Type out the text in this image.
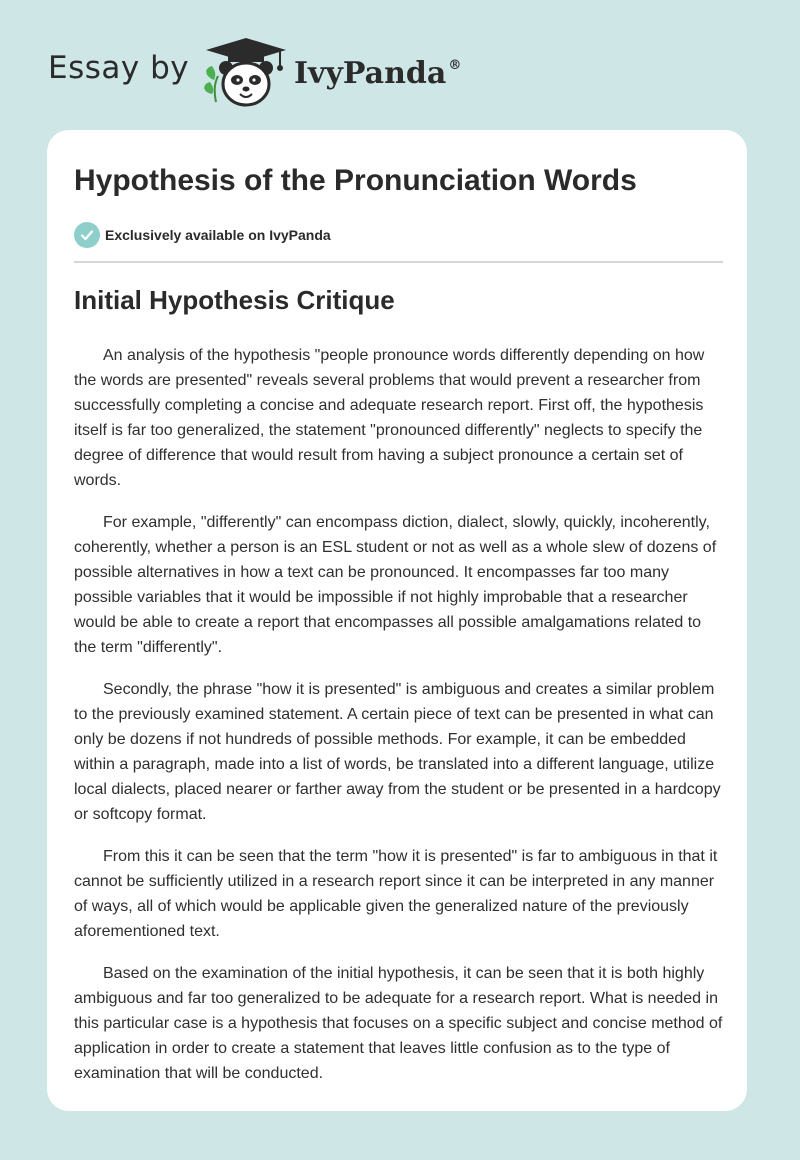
Essay by	IvyPanda ®
Hypothesis of the Pronunciation Words
Exclusively available on IvyPanda
Initial Hypothesis Critique

An analysis of the hypothesis "people pronounce words differently depending on how the words are presented" reveals several problems that would prevent a researcher from successfully completing a concise and adequate research report. First off, the hypothesis itself is far too generalized, the statement "pronounced differently" neglects to specify the degree of difference that would result from having a subject pronounce a certain set of words.

For example, "differently" can encompass diction, dialect, slowly, quickly, incoherently, coherently, whether a person is an ESL student or not as well as a whole slew of dozens of possible alternatives in how a text can be pronounced. It encompasses far too many possible variables that it would be impossible if not highly improbable that a researcher would be able to create a report that encompasses all possible amalgamations related to the term "differently".

Secondly, the phrase "how it is presented" is ambiguous and creates a similar problem to the previously examined statement. A certain piece of text can be presented in what can only be dozens if not hundreds of possible methods. For example, it can be embedded within a paragraph, made into a list of words, be translated into a different language, utilize local dialects, placed nearer or farther away from the student or be presented in a hardcopy or softcopy format.

From this it can be seen that the term "how it is presented" is far to ambiguous in that it cannot be sufficiently utilized in a research report since it can be interpreted in any manner of ways, all of which would be applicable given the generalized nature of the previously aforementioned text.

Based on the examination of the initial hypothesis, it can be seen that it is both highly ambiguous and far too generalized to be adequate for a research report. What is needed in this particular case is a hypothesis that focuses on a specific subject and concise method of application in order to create a statement that leaves little confusion as to the type of examination that will be conducted.
